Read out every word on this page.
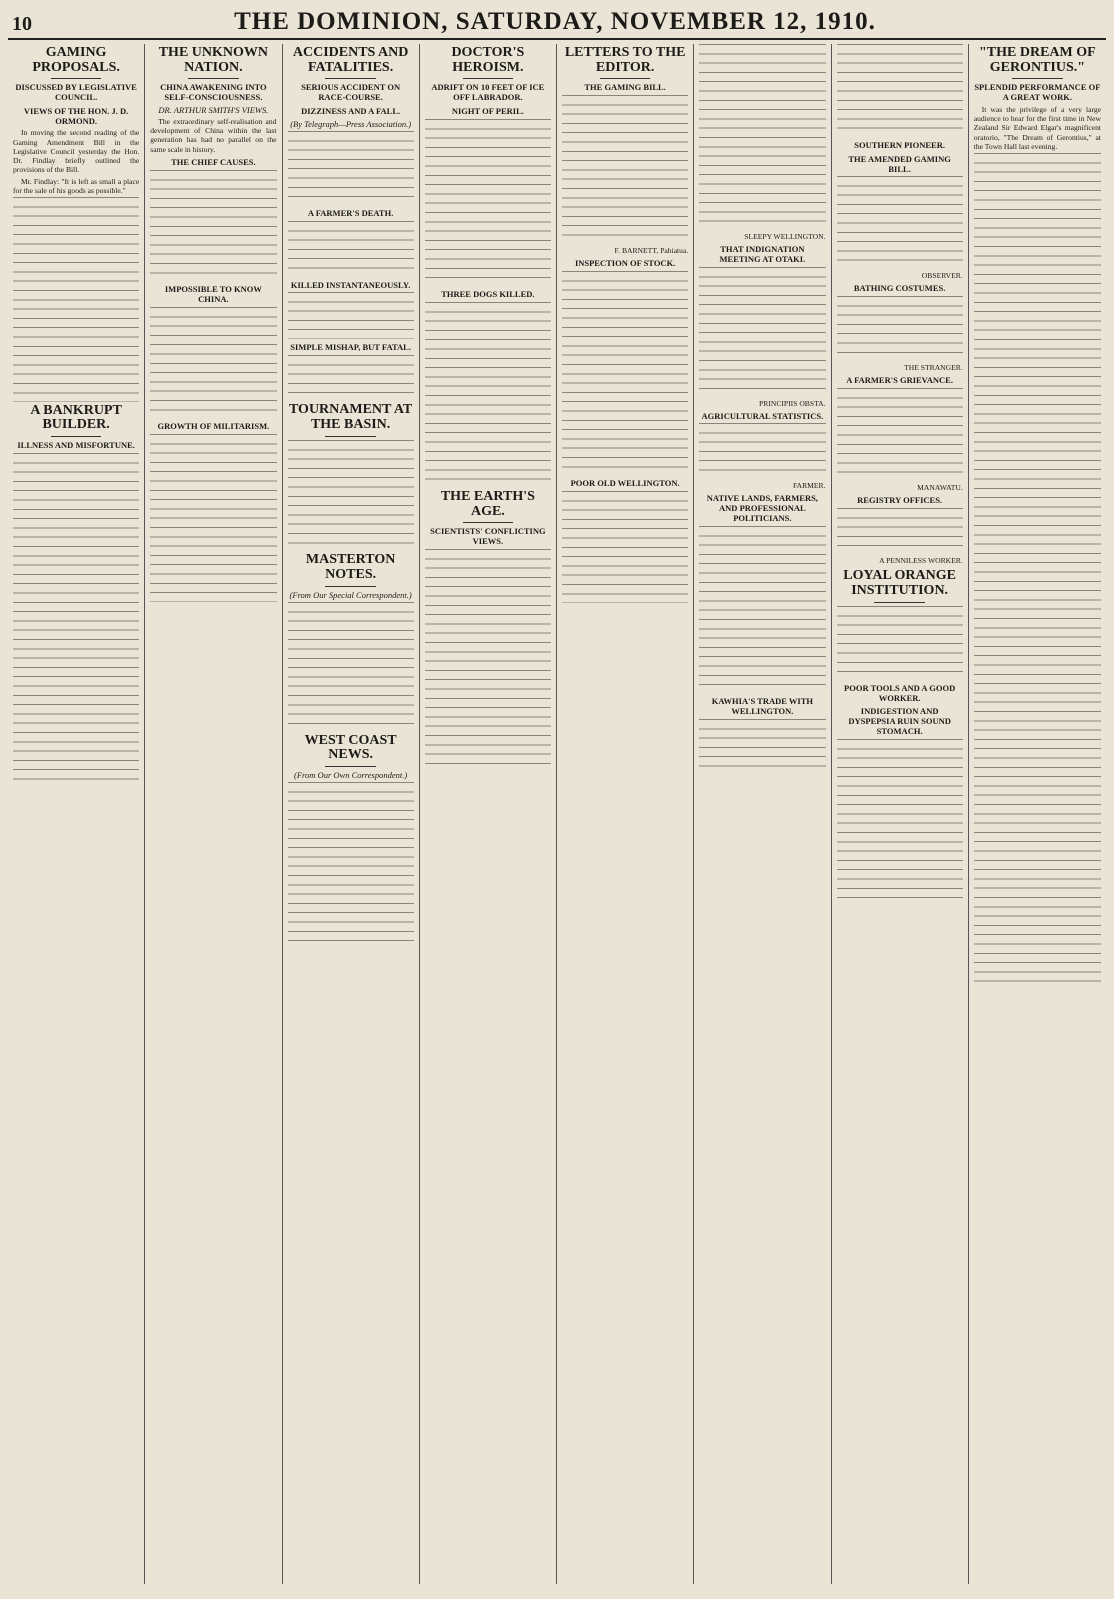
10	THE DOMINION, SATURDAY, NOVEMBER 12, 1910.
GAMING PROPOSALS.
DISCUSSED BY LEGISLATIVE COUNCIL.
VIEWS OF THE HON. J. D. ORMOND.

In moving the second reading of the Gaming Amendment Bill in the Legislative Council yesterday the Hon. Dr. Findlay briefly outlined the provisions of the Bill.

Mr. Findlay: "It is left as small a place for the sale of his goods as possible."

A BANKRUPT BUILDER.
ILLNESS AND MISFORTUNE.
THE UNKNOWN NATION.
CHINA AWAKENING INTO SELF-CONSCIOUSNESS.
DR. ARTHUR SMITH'S VIEWS.

The extraordinary self-realisation and development of China within the last generation has had no parallel on the same scale in history.

THE CHIEF CAUSES.
IMPOSSIBLE TO KNOW CHINA.
GROWTH OF MILITARISM.
ACCIDENTS AND FATALITIES.
SERIOUS ACCIDENT ON RACE-COURSE.
DIZZINESS AND A FALL.
(By Telegraph—Press Association.)
A FARMER'S DEATH.
KILLED INSTANTANEOUSLY.
SIMPLE MISHAP, BUT FATAL.
TOURNAMENT AT THE BASIN.
MASTERTON NOTES.
(From Our Special Correspondent.)
WEST COAST NEWS.
(From Our Own Correspondent.)
DOCTOR'S HEROISM.
ADRIFT ON 10 FEET OF ICE OFF LABRADOR.
NIGHT OF PERIL.
THREE DOGS KILLED.
THE EARTH'S AGE.
SCIENTISTS' CONFLICTING VIEWS.
LETTERS TO THE EDITOR.
THE GAMING BILL.
F. BARNETT, Pahiatua.
INSPECTION OF STOCK.
POOR OLD WELLINGTON.
SLEEPY WELLINGTON.
THAT INDIGNATION MEETING AT OTAKI.
PRINCIPIIS OBSTA.
AGRICULTURAL STATISTICS.
FARMER.
NATIVE LANDS, FARMERS, AND PROFESSIONAL POLITICIANS.
KAWHIA'S TRADE WITH WELLINGTON.
SOUTHERN PIONEER.
THE AMENDED GAMING BILL.
OBSERVER.
BATHING COSTUMES.
THE STRANGER.
A FARMER'S GRIEVANCE.
MANAWATU.
REGISTRY OFFICES.
A PENNILESS WORKER.
LOYAL ORANGE INSTITUTION.
POOR TOOLS AND A GOOD WORKER.
INDIGESTION AND DYSPEPSIA RUIN SOUND STOMACH.
"THE DREAM OF GERONTIUS."
SPLENDID PERFORMANCE OF A GREAT WORK.

It was the privilege of a very large audience to hear for the first time in New Zealand Sir Edward Elgar's magnificent oratorio, "The Dream of Gerontius," at the Town Hall last evening.
